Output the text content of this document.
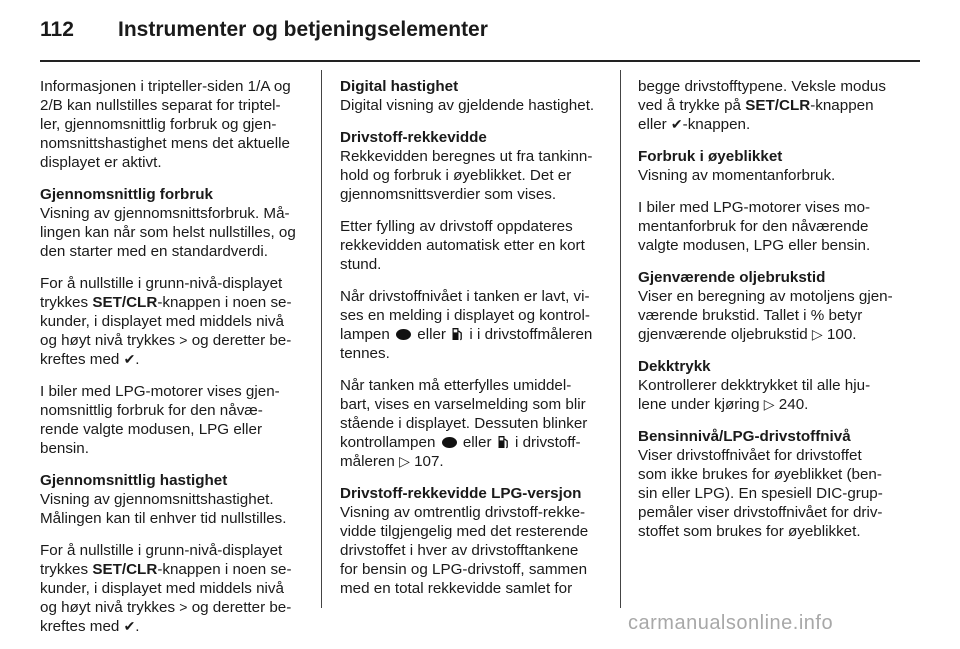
112 Instrumenter og betjeningselementer
Informasjonen i tripteller-siden 1/A og
2/B kan nullstilles separat for triptel-
ler, gjennomsnittlig forbruk og gjen-
nomsnittshastighet mens det aktuelle
displayet er aktivt.
Gjennomsnittlig forbruk
Visning av gjennomsnittsforbruk. Må-
lingen kan når som helst nullstilles, og
den starter med en standardverdi.
For å nullstille i grunn-nivå-displayet
trykkes SET/CLR-knappen i noen se-
kunder, i displayet med middels nivå
og høyt nivå trykkes > og deretter be-
kreftes med ✔.
I biler med LPG-motorer vises gjen-
nomsnittlig forbruk for den nåvæ-
rende valgte modusen, LPG eller
bensin.
Gjennomsnittlig hastighet
Visning av gjennomsnittshastighet.
Målingen kan til enhver tid nullstilles.
For å nullstille i grunn-nivå-displayet
trykkes SET/CLR-knappen i noen se-
kunder, i displayet med middels nivå
og høyt nivå trykkes > og deretter be-
kreftes med ✔.
Digital hastighet
Digital visning av gjeldende hastighet.
Drivstoff-rekkevidde
Rekkevidden beregnes ut fra tankinn-
hold og forbruk i øyeblikket. Det er
gjennomsnittsverdier som vises.
Etter fylling av drivstoff oppdateres
rekkevidden automatisk etter en kort
stund.
Når drivstoffnivået i tanken er lavt, vi-
ses en melding i displayet og kontrol-
lampen  eller  i i drivstoffmåleren
tennes.
Når tanken må etterfylles umiddel-
bart, vises en varselmelding som blir
stående i displayet. Dessuten blinker
kontrollampen  eller  i drivstoff-
måleren ▷ 107.
Drivstoff-rekkevidde LPG-versjon
Visning av omtrentlig drivstoff-rekke-
vidde tilgjengelig med det resterende
drivstoffet i hver av drivstofftankene
for bensin og LPG-drivstoff, sammen
med en total rekkevidde samlet for
begge drivstofftypene. Veksle modus
ved å trykke på SET/CLR-knappen
eller ✔-knappen.
Forbruk i øyeblikket
Visning av momentanforbruk.
I biler med LPG-motorer vises mo-
mentanforbruk for den nåværende
valgte modusen, LPG eller bensin.
Gjenværende oljebrukstid
Viser en beregning av motoljens gjen-
værende brukstid. Tallet i % betyr
gjenværende oljebrukstid ▷ 100.
Dekktrykk
Kontrollerer dekktrykket til alle hju-
lene under kjøring ▷ 240.
Bensinnivå/LPG-drivstoffnivå
Viser drivstoffnivået for drivstoffet
som ikke brukes for øyeblikket (ben-
sin eller LPG). En spesiell DIC-grup-
pemåler viser drivstoffnivået for driv-
stoffet som brukes for øyeblikket.
carmanualsonline.info
